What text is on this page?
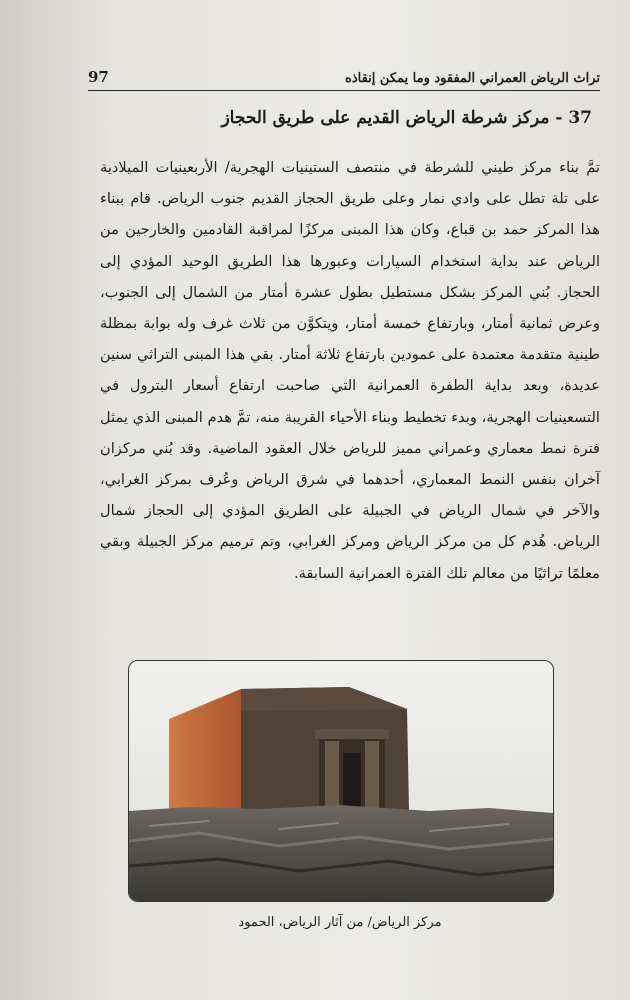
تراث الرياض العمراني المفقود وما يمكن إنقاذه
97
37 - مركز شرطة الرياض القديم على طريق الحجاز

تمَّ بناء مركز طيني للشرطة في منتصف الستينيات الهجرية/ الأربعينيات الميلادية على تلة تطل على وادي نمار وعلى طريق الحجاز القديم جنوب الرياض. قام ببناء هذا المركز حمد بن قباع، وكان هذا المبنى مركزًا لمراقبة القادمين والخارجين من الرياض عند بداية استخدام السيارات وعبورها هذا الطريق الوحيد المؤدي إلى الحجاز. بُني المركز بشكل مستطيل بطول عشرة أمتار من الشمال إلى الجنوب، وعرض ثمانية أمتار، وبارتفاع خمسة أمتار، ويتكوَّن من ثلاث غرف وله بوابة بمظلة طينية متقدمة معتمدة على عمودين بارتفاع ثلاثة أمتار. بقي هذا المبنى التراثي سنين عديدة، وبعد بداية الطفرة العمرانية التي صاحبت ارتفاع أسعار البترول في التسعينيات الهجرية، وبدء تخطيط وبناء الأحياء القريبة منه، تمَّ هدم المبنى الذي يمثل فترة نمط معماري وعمراني مميز للرياض خلال العقود الماضية. وقد بُني مركزان آخران بنفس النمط المعماري، أحدهما في شرق الرياض وعُرف بمركز الغرابي، والآخر في شمال الرياض في الجبيلة على الطريق المؤدي إلى الحجاز شمال الرياض. هُدم كل من مركز الرياض ومركز الغرابي، وتم ترميم مركز الجبيلة وبقي معلمًا تراثيًا من معالم تلك الفترة العمرانية السابقة.

مركز الرياض/ من آثار الرياض، الحمود
